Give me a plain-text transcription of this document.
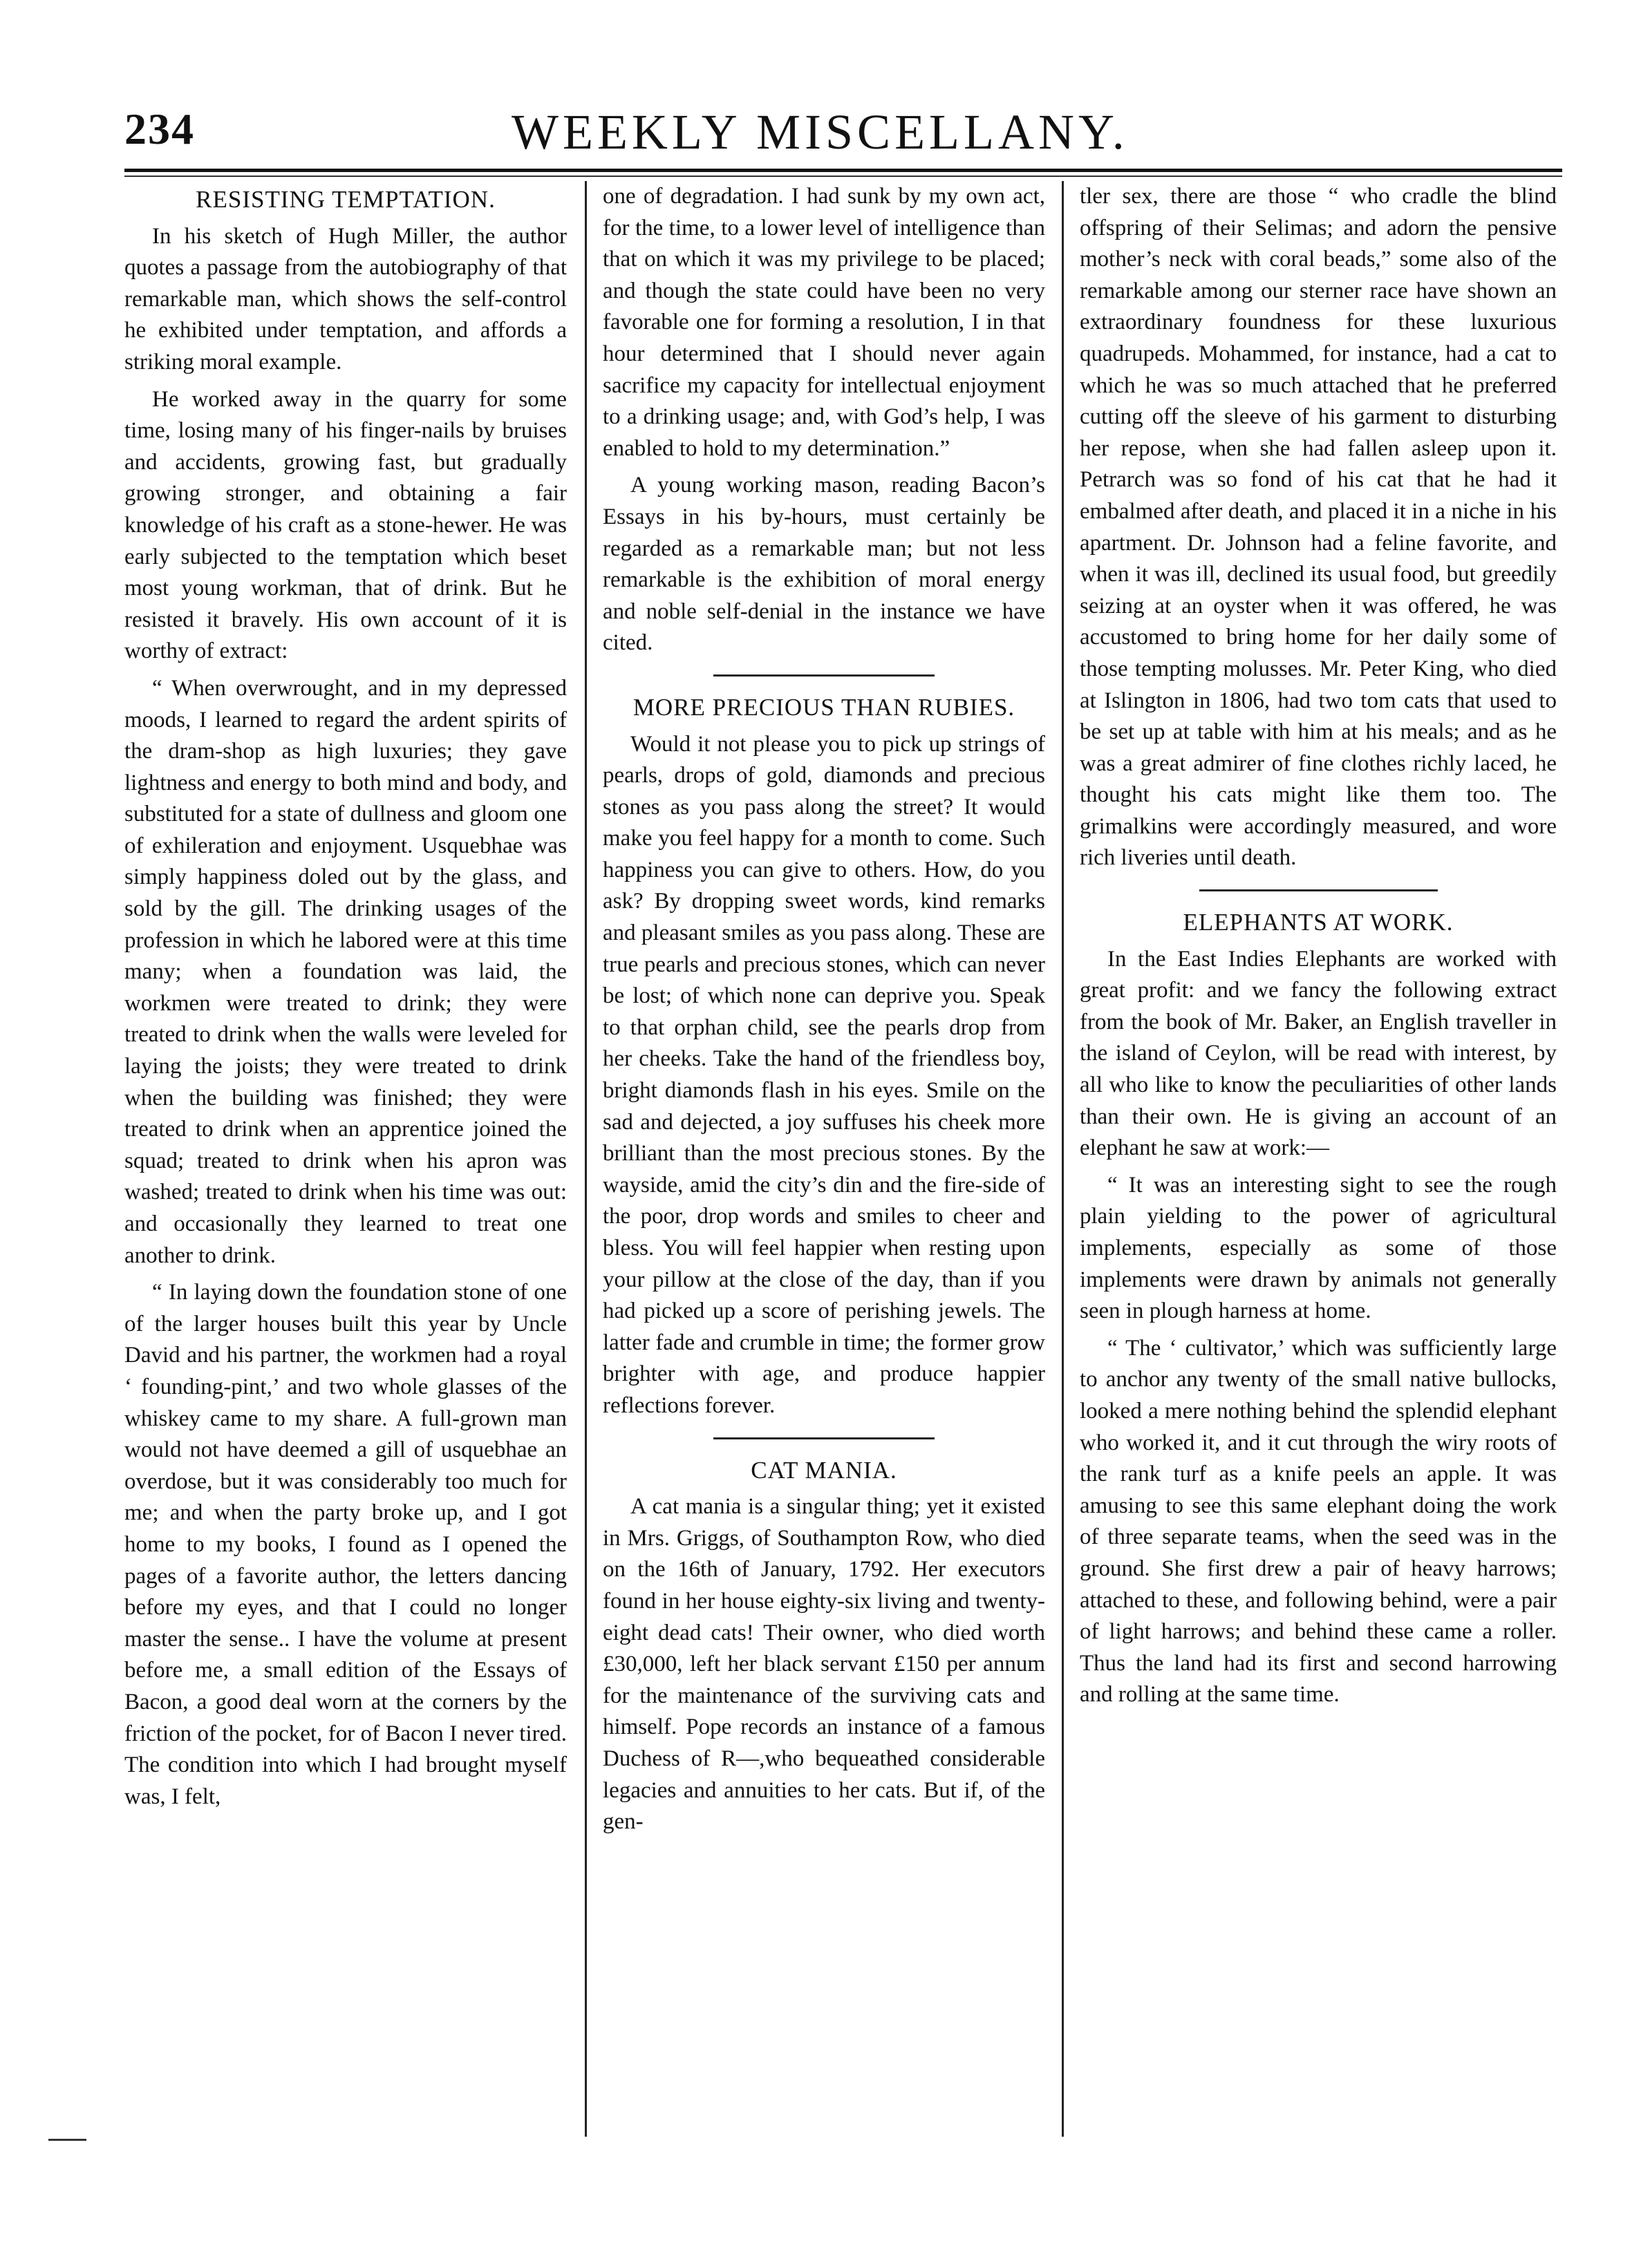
234	WEEKLY MISCELLANY.
RESISTING TEMPTATION.

In his sketch of Hugh Miller, the author quotes a passage from the autobiography of that remarkable man, which shows the self-control he exhibited under temptation, and affords a striking moral example.

He worked away in the quarry for some time, losing many of his finger-nails by bruises and accidents, growing fast, but gradually growing stronger, and obtaining a fair knowledge of his craft as a stone-hewer. He was early subjected to the temptation which beset most young workman, that of drink. But he resisted it bravely. His own account of it is worthy of extract:

“ When overwrought, and in my depressed moods, I learned to regard the ardent spirits of the dram-shop as high luxuries; they gave lightness and energy to both mind and body, and substituted for a state of dullness and gloom one of exhileration and enjoyment. Usquebhae was simply happiness doled out by the glass, and sold by the gill. The drinking usages of the profession in which he labored were at this time many; when a foundation was laid, the workmen were treated to drink; they were treated to drink when the walls were leveled for laying the joists; they were treated to drink when the building was finished; they were treated to drink when an apprentice joined the squad; treated to drink when his apron was washed; treated to drink when his time was out: and occasionally they learned to treat one another to drink.

“ In laying down the foundation stone of one of the larger houses built this year by Uncle David and his partner, the workmen had a royal ‘ founding-pint,’ and two whole glasses of the whiskey came to my share. A full-grown man would not have deemed a gill of usquebhae an overdose, but it was considerably too much for me; and when the party broke up, and I got home to my books, I found as I opened the pages of a favorite author, the letters dancing before my eyes, and that I could no longer master the sense.. I have the volume at present before me, a small edition of the Essays of Bacon, a good deal worn at the corners by the friction of the pocket, for of Bacon I never tired. The condition into which I had brought myself was, I felt,

one of degradation. I had sunk by my own act, for the time, to a lower level of intelligence than that on which it was my privilege to be placed; and though the state could have been no very favorable one for forming a resolution, I in that hour determined that I should never again sacrifice my capacity for intellectual enjoyment to a drinking usage; and, with God’s help, I was enabled to hold to my determination.”

A young working mason, reading Bacon’s Essays in his by-hours, must certainly be regarded as a remarkable man; but not less remarkable is the exhibition of moral energy and noble self-denial in the instance we have cited.

MORE PRECIOUS THAN RUBIES.

Would it not please you to pick up strings of pearls, drops of gold, diamonds and precious stones as you pass along the street? It would make you feel happy for a month to come. Such happiness you can give to others. How, do you ask? By dropping sweet words, kind remarks and pleasant smiles as you pass along. These are true pearls and precious stones, which can never be lost; of which none can deprive you. Speak to that orphan child, see the pearls drop from her cheeks. Take the hand of the friendless boy, bright diamonds flash in his eyes. Smile on the sad and dejected, a joy suffuses his cheek more brilliant than the most precious stones. By the wayside, amid the city’s din and the fire-side of the poor, drop words and smiles to cheer and bless. You will feel happier when resting upon your pillow at the close of the day, than if you had picked up a score of perishing jewels. The latter fade and crumble in time; the former grow brighter with age, and produce happier reflections forever.

CAT MANIA.

A cat mania is a singular thing; yet it existed in Mrs. Griggs, of Southampton Row, who died on the 16th of January, 1792. Her executors found in her house eighty-six living and twenty-eight dead cats! Their owner, who died worth £30,000, left her black servant £150 per annum for the maintenance of the surviving cats and himself. Pope records an instance of a famous Duchess of R—,who bequeathed considerable legacies and annuities to her cats. But if, of the gen-

tler sex, there are those “ who cradle the blind offspring of their Selimas; and adorn the pensive mother’s neck with coral beads,” some also of the remarkable among our sterner race have shown an extraordinary foundness for these luxurious quadrupeds. Mohammed, for instance, had a cat to which he was so much attached that he preferred cutting off the sleeve of his garment to disturbing her repose, when she had fallen asleep upon it. Petrarch was so fond of his cat that he had it embalmed after death, and placed it in a niche in his apartment. Dr. Johnson had a feline favorite, and when it was ill, declined its usual food, but greedily seizing at an oyster when it was offered, he was accustomed to bring home for her daily some of those tempting molusses. Mr. Peter King, who died at Islington in 1806, had two tom cats that used to be set up at table with him at his meals; and as he was a great admirer of fine clothes richly laced, he thought his cats might like them too. The grimalkins were accordingly measured, and wore rich liveries until death.

ELEPHANTS AT WORK.

In the East Indies Elephants are worked with great profit: and we fancy the following extract from the book of Mr. Baker, an English traveller in the island of Ceylon, will be read with interest, by all who like to know the peculiarities of other lands than their own. He is giving an account of an elephant he saw at work:—

“ It was an interesting sight to see the rough plain yielding to the power of agricultural implements, especially as some of those implements were drawn by animals not generally seen in plough harness at home.

“ The ‘ cultivator,’ which was sufficiently large to anchor any twenty of the small native bullocks, looked a mere nothing behind the splendid elephant who worked it, and it cut through the wiry roots of the rank turf as a knife peels an apple. It was amusing to see this same elephant doing the work of three separate teams, when the seed was in the ground. She first drew a pair of heavy harrows; attached to these, and following behind, were a pair of light harrows; and behind these came a roller. Thus the land had its first and second harrowing and rolling at the same time.
